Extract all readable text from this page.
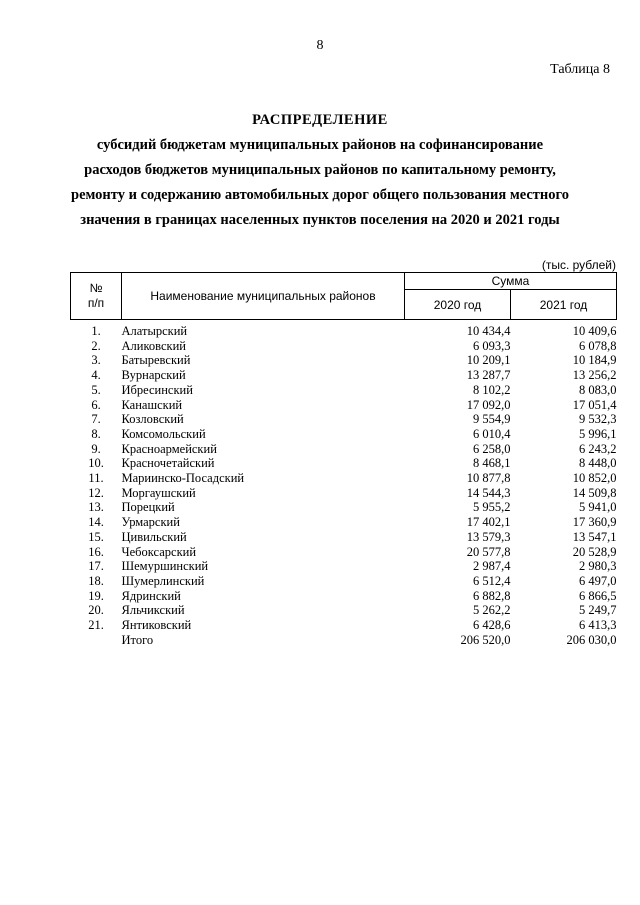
8
Таблица 8
РАСПРЕДЕЛЕНИЕ
субсидий бюджетам муниципальных районов на софинансирование
расходов бюджетов муниципальных районов по капитальному ремонту,
ремонту и содержанию автомобильных дорог общего пользования местного
значения в границах населенных пунктов поселения на 2020 и 2021 годы
(тыс. рублей)
№
п/п	Наименование муниципальных районов	Сумма	
		2020 год	2021 год
1.	Алатырский	10 434,4	10 409,6
2.	Аликовский	6 093,3	6 078,8
3.	Батыревский	10 209,1	10 184,9
4.	Вурнарский	13 287,7	13 256,2
5.	Ибресинский	8 102,2	8 083,0
6.	Канашский	17 092,0	17 051,4
7.	Козловский	9 554,9	9 532,3
8.	Комсомольский	6 010,4	5 996,1
9.	Красноармейский	6 258,0	6 243,2
10.	Красночетайский	8 468,1	8 448,0
11.	Мариинско-Посадский	10 877,8	10 852,0
12.	Моргаушский	14 544,3	14 509,8
13.	Порецкий	5 955,2	5 941,0
14.	Урмарский	17 402,1	17 360,9
15.	Цивильский	13 579,3	13 547,1
16.	Чебоксарский	20 577,8	20 528,9
17.	Шемуршинский	2 987,4	2 980,3
18.	Шумерлинский	6 512,4	6 497,0
19.	Ядринский	6 882,8	6 866,5
20.	Яльчикский	5 262,2	5 249,7
21.	Янтиковский	6 428,6	6 413,3
	Итого	206 520,0	206 030,0
